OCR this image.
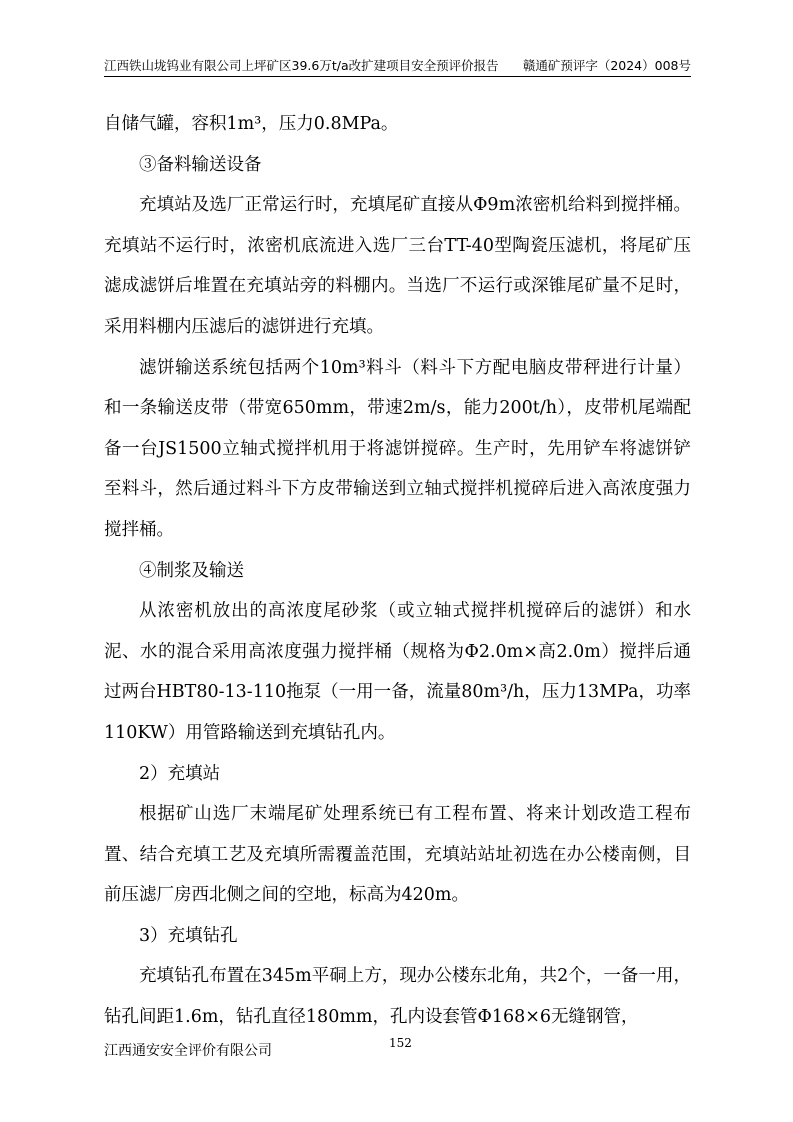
江西铁山垅钨业有限公司上坪矿区39.6万t/a改扩建项目安全预评价报告 赣通矿预评字（2024）008号

自储气罐，容积1m³，压力0.8MPa。

③备料输送设备

充填站及选厂正常运行时，充填尾矿直接从Φ9m浓密机给料到搅拌桶。充填站不运行时，浓密机底流进入选厂三台TT-40型陶瓷压滤机，将尾矿压滤成滤饼后堆置在充填站旁的料棚内。当选厂不运行或深锥尾矿量不足时，采用料棚内压滤后的滤饼进行充填。

滤饼输送系统包括两个10m³料斗（料斗下方配电脑皮带秤进行计量）和一条输送皮带（带宽650mm，带速2m/s，能力200t/h），皮带机尾端配备一台JS1500立轴式搅拌机用于将滤饼搅碎。生产时，先用铲车将滤饼铲至料斗，然后通过料斗下方皮带输送到立轴式搅拌机搅碎后进入高浓度强力搅拌桶。

④制浆及输送

从浓密机放出的高浓度尾砂浆（或立轴式搅拌机搅碎后的滤饼）和水泥、水的混合采用高浓度强力搅拌桶（规格为Φ2.0m×高2.0m）搅拌后通过两台HBT80-13-110拖泵（一用一备，流量80m³/h，压力13MPa，功率110KW）用管路输送到充填钻孔内。

2）充填站

根据矿山选厂末端尾矿处理系统已有工程布置、将来计划改造工程布置、结合充填工艺及充填所需覆盖范围，充填站站址初选在办公楼南侧，目前压滤厂房西北侧之间的空地，标高为420m。

3）充填钻孔

充填钻孔布置在345m平硐上方，现办公楼东北角，共2个，一备一用，钻孔间距1.6m，钻孔直径180mm，孔内设套管Φ168×6无缝钢管，

江西通安安全评价有限公司	152
